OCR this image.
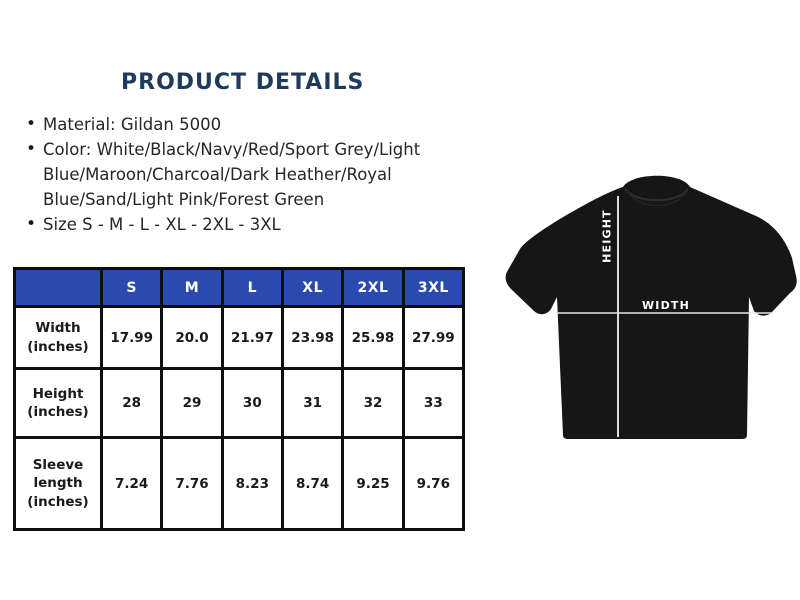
PRODUCT DETAILS
• Material: Gildan 5000
• Color: White/Black/Navy/Red/Sport Grey/Light
Blue/Maroon/Charcoal/Dark Heather/Royal
Blue/Sand/Light Pink/Forest Green
• Size S - M - L - XL - 2XL - 3XL
	S	M	L	XL	2XL	3XL
Width (inches)	17.99	20.0	21.97	23.98	25.98	27.99
Height (inches)	28	29	30	31	32	33
Sleeve length (inches)	7.24	7.76	8.23	8.74	9.25	9.76
HEIGHT
WIDTH
